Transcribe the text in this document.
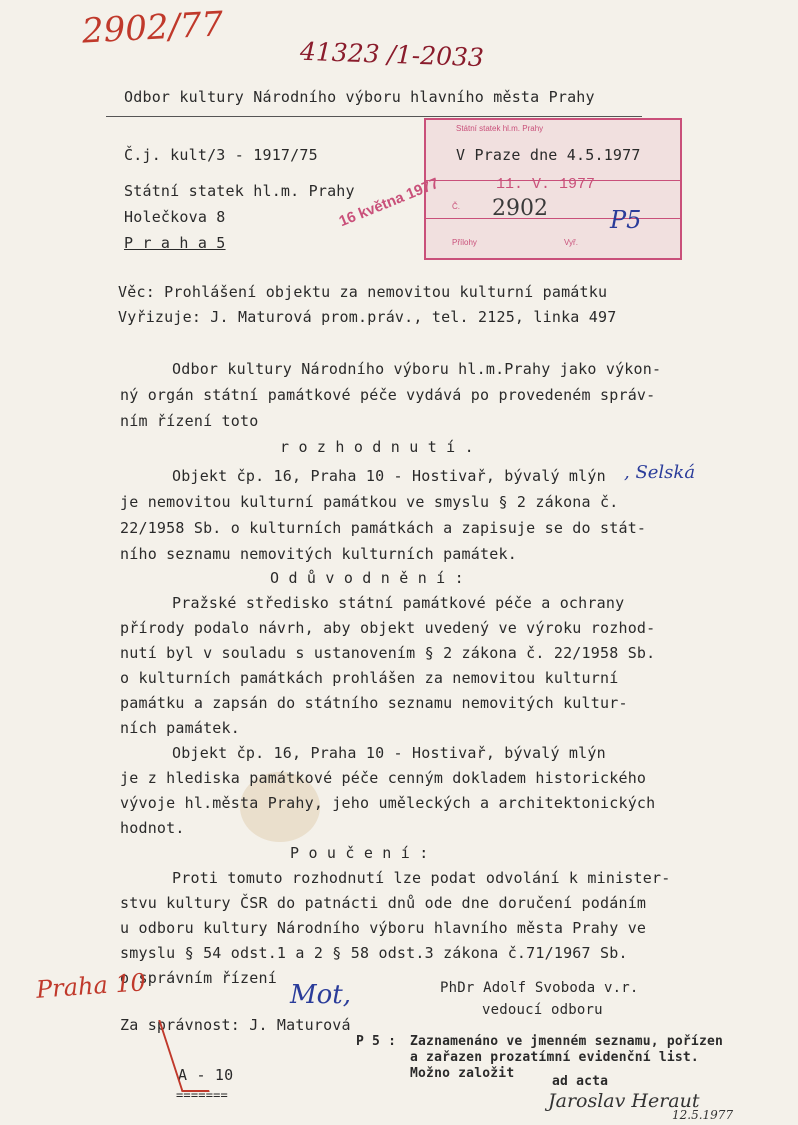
2902/77
41323 /1-2033
Odbor kultury Národního výboru hlavního města Prahy
Č.j. kult/3 - 1917/75
Státní statek hl.m. Prahy
Č.
Přílohy	Vyř.
V Praze dne 4.5.1977
16 května 1977	11. V. 1977
2902	P5
Státní statek hl.m. Prahy
Holečkova 8
P r a h a 5
Věc: Prohlášení objektu za nemovitou kulturní památku
Vyřizuje: J. Maturová prom.práv., tel. 2125, linka 497
Odbor kultury Národního výboru hl.m.Prahy jako výkon-
ný orgán státní památkové péče vydává po provedeném správ-
ním řízení toto
r o z h o d n u t í .
Objekt čp. 16, Praha 10 - Hostivař, bývalý mlýn , Selská
je nemovitou kulturní památkou ve smyslu § 2 zákona č.
22/1958 Sb. o kulturních památkách a zapisuje se do stát-
ního seznamu nemovitých kulturních památek.
O d ů v o d n ě n í :
Pražské středisko státní památkové péče a ochrany
přírody podalo návrh, aby objekt uvedený ve výroku rozhod-
nutí byl v souladu s ustanovením § 2 zákona č. 22/1958 Sb.
o kulturních památkách prohlášen za nemovitou kulturní
památku a zapsán do státního seznamu nemovitých kultur-
ních památek.
Objekt čp. 16, Praha 10 - Hostivař, bývalý mlýn
je z hlediska památkové péče cenným dokladem historického
vývoje hl.města Prahy, jeho uměleckých a architektonických
hodnot.
P o u č e n í :
Proti tomuto rozhodnutí lze podat odvolání k minister-
stvu kultury ČSR do patnácti dnů ode dne doručení podáním
u odboru kultury Národního výboru hlavního města Prahy ve
smyslu § 54 odst.1 a 2 § 58 odst.3 zákona č.71/1967 Sb.
o správním řízení
Praha 10	PhDr Adolf Svoboda v.r.
vedoucí odboru
Mot,
Za správnost: J. Maturová
P 5 : Zaznamenáno ve jmenném seznamu, pořízen
a zařazen prozatímní evidenční list.
Možno založit
ad acta
A - 10
=======	Jaroslav Heraut
12.5.1977
